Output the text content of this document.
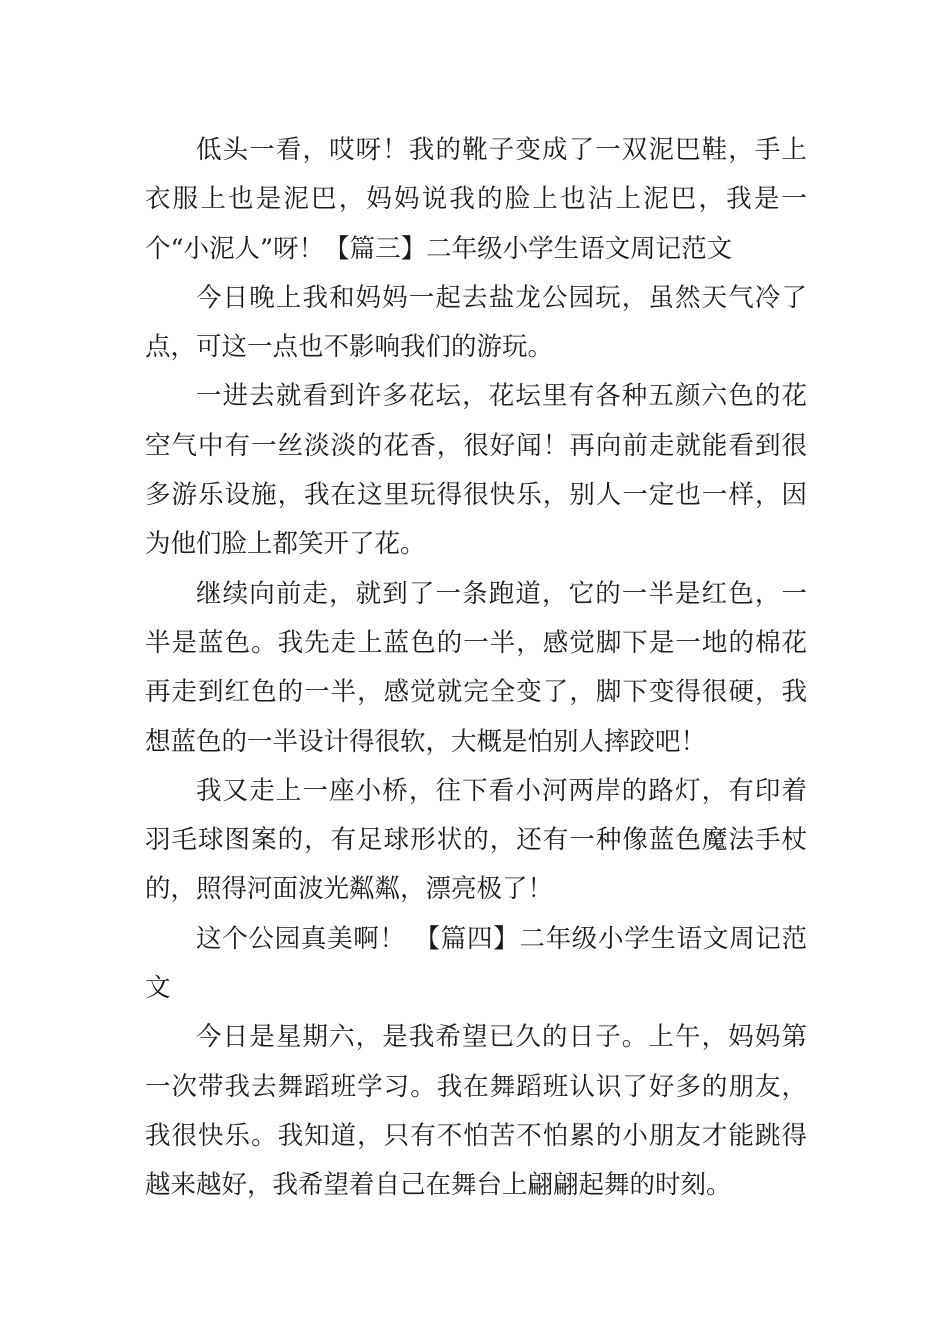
低头一看，哎呀！我的靴子变成了一双泥巴鞋，手上衣服上也是泥巴，妈妈说我的脸上也沾上泥巴，我是一个“小泥人”呀！【篇三】二年级小学生语文周记范文

今日晚上我和妈妈一起去盐龙公园玩，虽然天气冷了点，可这一点也不影响我们的游玩。

一进去就看到许多花坛，花坛里有各种五颜六色的花空气中有一丝淡淡的花香，很好闻！再向前走就能看到很多游乐设施，我在这里玩得很快乐，别人一定也一样，因为他们脸上都笑开了花。

继续向前走，就到了一条跑道，它的一半是红色，一半是蓝色。我先走上蓝色的一半，感觉脚下是一地的棉花再走到红色的一半，感觉就完全变了，脚下变得很硬，我想蓝色的一半设计得很软，大概是怕别人摔跤吧！

我又走上一座小桥，往下看小河两岸的路灯，有印着羽毛球图案的，有足球形状的，还有一种像蓝色魔法手杖的，照得河面波光粼粼，漂亮极了！

这个公园真美啊！ 【篇四】二年级小学生语文周记范文

今日是星期六，是我希望已久的日子。上午，妈妈第一次带我去舞蹈班学习。我在舞蹈班认识了好多的朋友，我很快乐。我知道，只有不怕苦不怕累的小朋友才能跳得越来越好，我希望着自己在舞台上翩翩起舞的时刻。
